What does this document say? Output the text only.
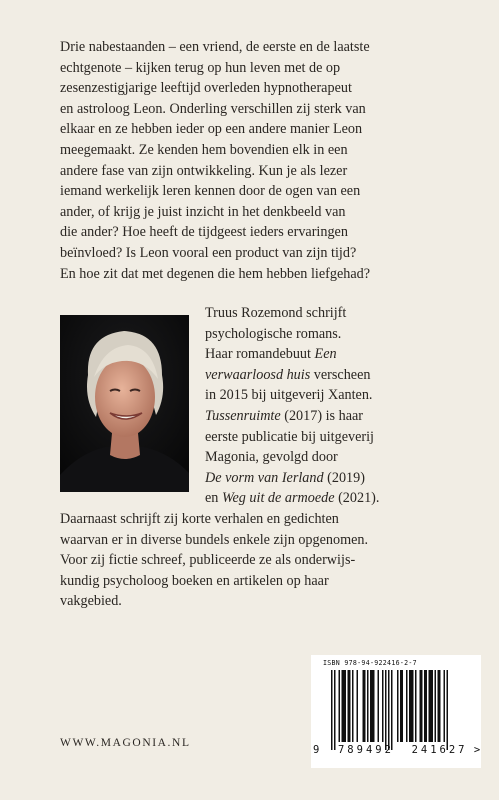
Drie nabestaanden – een vriend, de eerste en de laatste
echtgenote – kijken terug op hun leven met de op
zesenzestigjarige leeftijd overleden hypnotherapeut
en astroloog Leon. Onderling verschillen zij sterk van
elkaar en ze hebben ieder op een andere manier Leon
meegemaakt. Ze kenden hem bovendien elk in een
andere fase van zijn ontwikkeling. Kun je als lezer
iemand werkelijk leren kennen door de ogen van een
ander, of krijg je juist inzicht in het denkbeeld van
die ander? Hoe heeft de tijdgeest ieders ervaringen
beïnvloed? Is Leon vooral een product van zijn tijd?
En hoe zit dat met degenen die hem hebben liefgehad?

Truus Rozemond schrijft
psychologische romans.
Haar romandebuut Een
verwaarloosd huis verscheen
in 2015 bij uitgeverij Xanten.
Tussenruimte (2017) is haar
eerste publicatie bij uitgeverij
Magonia, gevolgd door
De vorm van Ierland (2019)
en Weg uit de armoede (2021).
Daarnaast schrijft zij korte verhalen en gedichten
waarvan er in diverse bundels enkele zijn opgenomen.
Voor zij fictie schreef, publiceerde ze als onderwijs-
kundig psycholoog boeken en artikelen op haar
vakgebied.
WWW.MAGONIA.NL
ISBN 978-94-922416-2-7
9 789492 241627 >
